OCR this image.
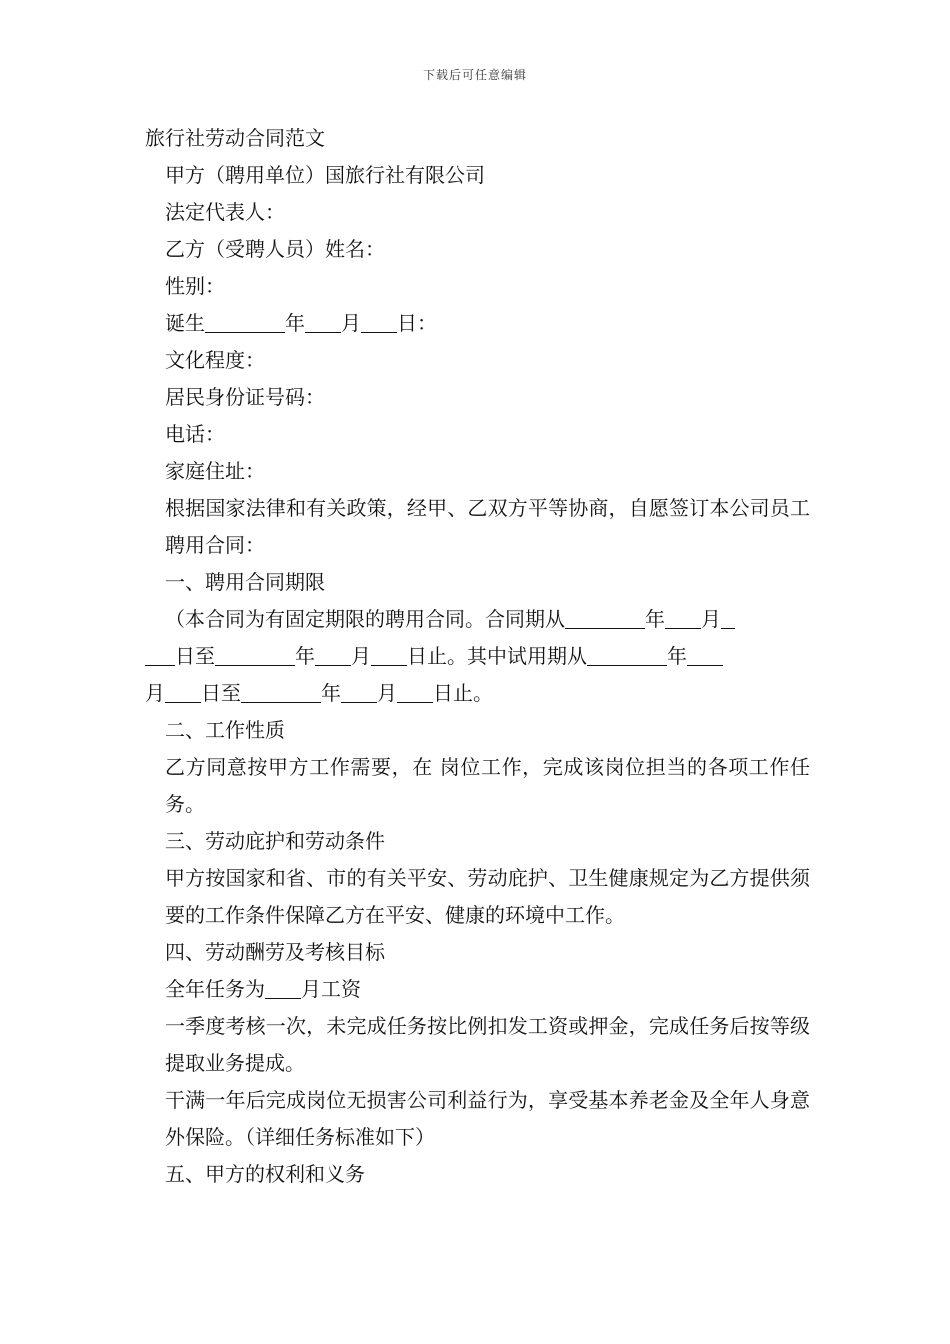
下载后可任意编辑
旅行社劳动合同范文
甲方（聘用单位）国旅行社有限公司
法定代表人：
乙方（受聘人员）姓名：
性别：
诞生	年 月 日：
文化程度：
居民身份证号码：
电话：
家庭住址：
根据国家法律和有关政策，经甲、乙双方平等协商，自愿签订本公司员工聘用合同：
一、聘用合同期限
（本合同为有固定期限的聘用合同。合同期从	年 月
日至	年 月 日止。其中试用期从	年
月 日至	年 月 日止。
二、工作性质
乙方同意按甲方工作需要，在 岗位工作，完成该岗位担当的各项工作任务。
三、劳动庇护和劳动条件
甲方按国家和省、市的有关平安、劳动庇护、卫生健康规定为乙方提供须要的工作条件保障乙方在平安、健康的环境中工作。
四、劳动酬劳及考核目标
全年任务为 月工资
一季度考核一次，未完成任务按比例扣发工资或押金，完成任务后按等级提取业务提成。
干满一年后完成岗位无损害公司利益行为，享受基本养老金及全年人身意外保险。（详细任务标准如下）
五、甲方的权利和义务
